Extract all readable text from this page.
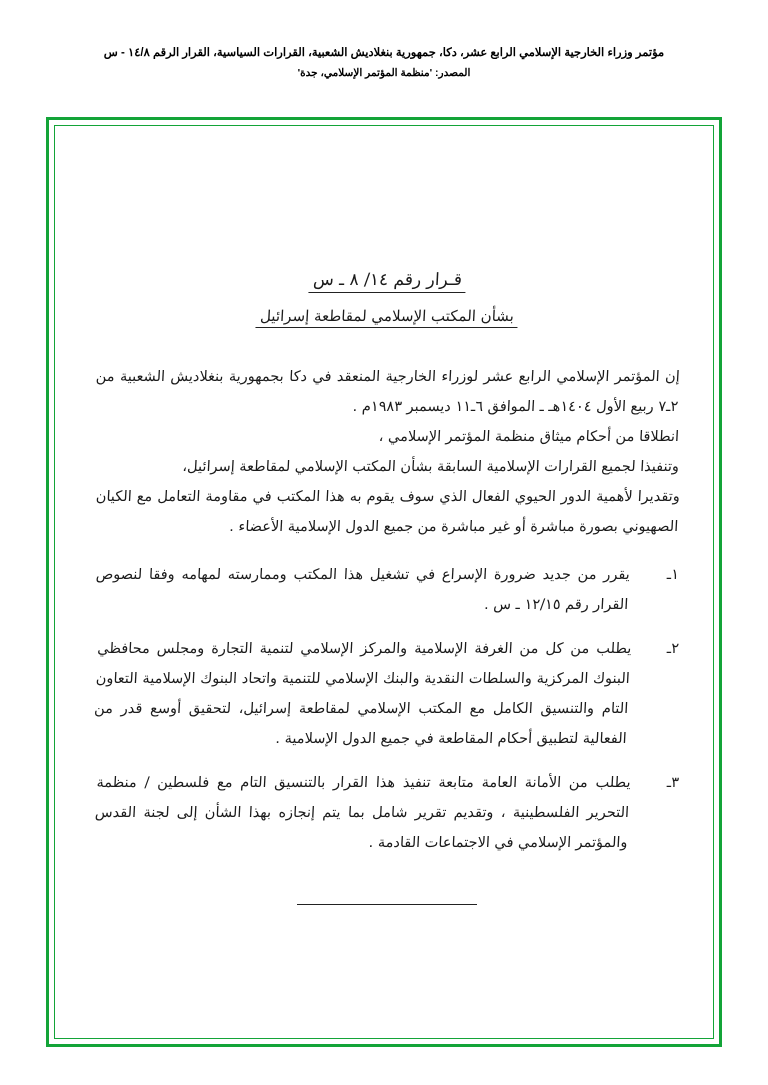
مؤتمر وزراء الخارجية الإسلامي الرابع عشر، دكا، جمهورية بنغلاديش الشعبية، القرارات السياسية، القرار الرقم ١٤/٨ - س
المصدر: 'منظمة المؤتمر الإسلامي، جدة'
قـرار رقم ١٤/ ٨ ـ س
بشأن المكتب الإسلامي لمقاطعة إسرائيل

إن المؤتمر الإسلامي الرابع عشر لوزراء الخارجية المنعقد في دكا بجمهورية بنغلاديش الشعبية من ٢ـ٧ ربيع الأول ١٤٠٤هـ ـ الموافق ٦ـ١١ ديسمبر ١٩٨٣م .

انطلاقا من أحكام ميثاق منظمة المؤتمر الإسلامي ،

وتنفيذا لجميع القرارات الإسلامية السابقة بشأن المكتب الإسلامي لمقاطعة إسرائيل،

وتقديرا لأهمية الدور الحيوي الفعال الذي سوف يقوم به هذا المكتب في مقاومة التعامل مع الكيان الصهيوني بصورة مباشرة أو غير مباشرة من جميع الدول الإسلامية الأعضاء .

١ـ
يقرر من جديد ضرورة الإسراع في تشغيل هذا المكتب وممارسته لمهامه وفقا لنصوص القرار رقم ١٢/١٥ ـ س .
٢ـ
يطلب من كل من الغرفة الإسلامية والمركز الإسلامي لتنمية التجارة ومجلس محافظي البنوك المركزية والسلطات النقدية والبنك الإسلامي للتنمية واتحاد البنوك الإسلامية التعاون التام والتنسيق الكامل مع المكتب الإسلامي لمقاطعة إسرائيل، لتحقيق أوسع قدر من الفعالية لتطبيق أحكام المقاطعة في جميع الدول الإسلامية .
٣ـ
يطلب من الأمانة العامة متابعة تنفيذ هذا القرار بالتنسيق التام مع فلسطين / منظمة التحرير الفلسطينية ، وتقديم تقرير شامل بما يتم إنجازه بهذا الشأن إلى لجنة القدس والمؤتمر الإسلامي في الاجتماعات القادمة .
